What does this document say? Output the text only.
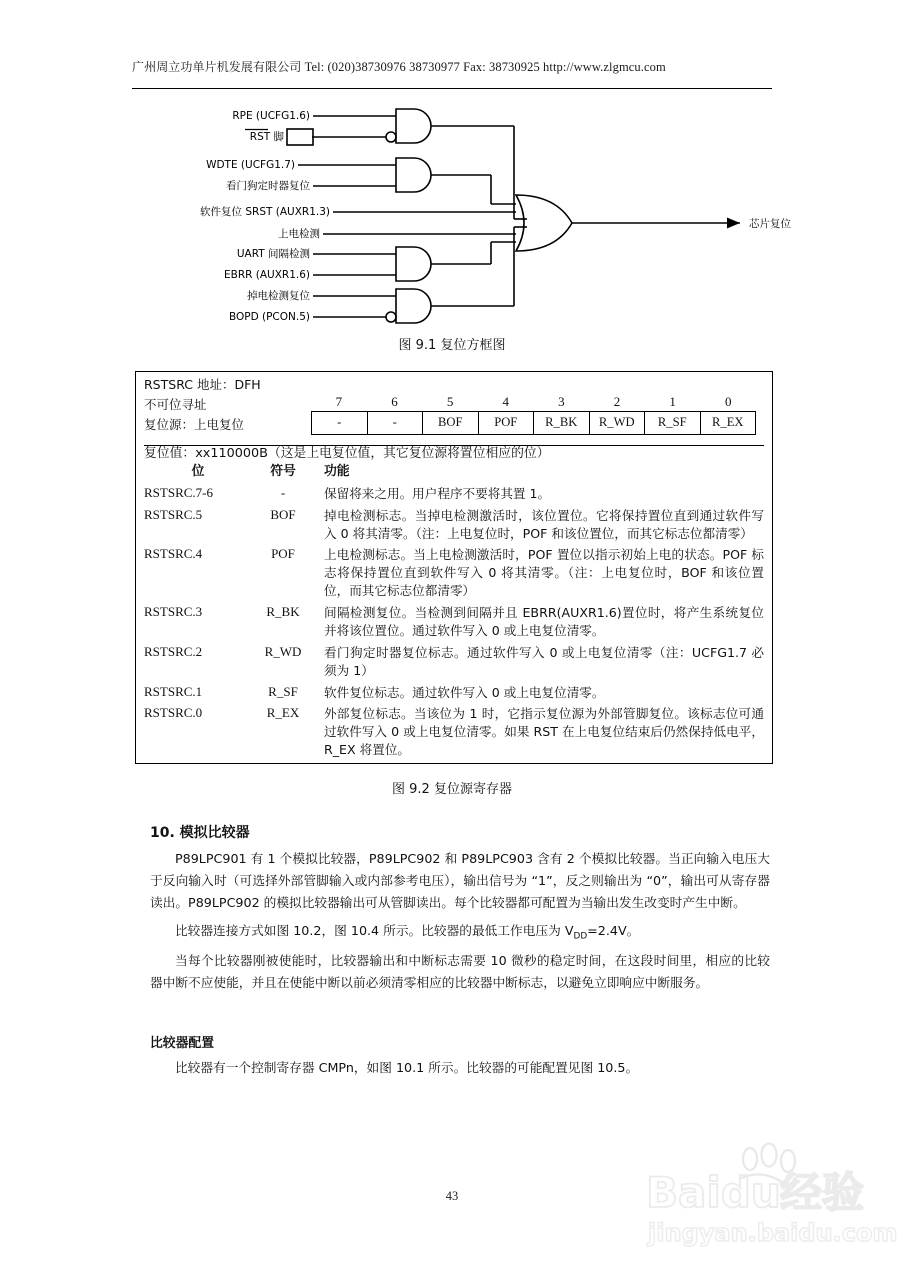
广州周立功单片机发展有限公司 Tel: (020)38730976 38730977 Fax: 38730925 http://www.zlgmcu.com
RPE (UCFG1.6)
RST 脚
WDTE (UCFG1.7)
看门狗定时器复位
软件复位 SRST (AUXR1.3)
上电检测
UART 间隔检测
EBRR (AUXR1.6)
掉电检测复位
BOPD (PCON.5)
芯片复位
图 9.1 复位方框图
RSTSRC 地址：DFH
不可位寻址
复位源：上电复位
7	6	5	4	3	2	1	0
-	-	BOF	POF	R_BK	R_WD	R_SF	R_EX
复位值：xx110000B（这是上电复位值，其它复位源将置位相应的位）
位	符号	功能
RSTSRC.7-6	-	保留将来之用。用户程序不要将其置 1。
RSTSRC.5	BOF	掉电检测标志。当掉电检测激活时，该位置位。它将保持置位直到通过软件写入 0 将其清零。（注：上电复位时，POF 和该位置位，而其它标志位都清零）
RSTSRC.4	POF	上电检测标志。当上电检测激活时，POF 置位以指示初始上电的状态。POF 标志将保持置位直到软件写入 0 将其清零。（注：上电复位时，BOF 和该位置位，而其它标志位都清零）
RSTSRC.3	R_BK	间隔检测复位。当检测到间隔并且 EBRR(AUXR1.6)置位时，将产生系统复位并将该位置位。通过软件写入 0 或上电复位清零。
RSTSRC.2	R_WD	看门狗定时器复位标志。通过软件写入 0 或上电复位清零（注：UCFG1.7 必须为 1）
RSTSRC.1	R_SF	软件复位标志。通过软件写入 0 或上电复位清零。
RSTSRC.0	R_EX	外部复位标志。当该位为 1 时，它指示复位源为外部管脚复位。该标志位可通过软件写入 0 或上电复位清零。如果 RST 在上电复位结束后仍然保持低电平，R_EX 将置位。
图 9.2 复位源寄存器
10. 模拟比较器

P89LPC901 有 1 个模拟比较器，P89LPC902 和 P89LPC903 含有 2 个模拟比较器。当正向输入电压大于反向输入时（可选择外部管脚输入或内部参考电压），输出信号为 “1”，反之则输出为 “0”，输出可从寄存器读出。P89LPC902 的模拟比较器输出可从管脚读出。每个比较器都可配置为当输出发生改变时产生中断。

比较器连接方式如图 10.2，图 10.4 所示。比较器的最低工作电压为 $V_{DD}=2.4V$。

当每个比较器刚被使能时，比较器输出和中断标志需要 10 微秒的稳定时间，在这段时间里，相应的比较器中断不应使能，并且在使能中断以前必须清零相应的比较器中断标志，以避免立即响应中断服务。

比较器配置

比较器有一个控制寄存器 CMPn，如图 10.1 所示。比较器的可能配置见图 10.5。

43	Baidu 经验
jingyan.baidu.com
